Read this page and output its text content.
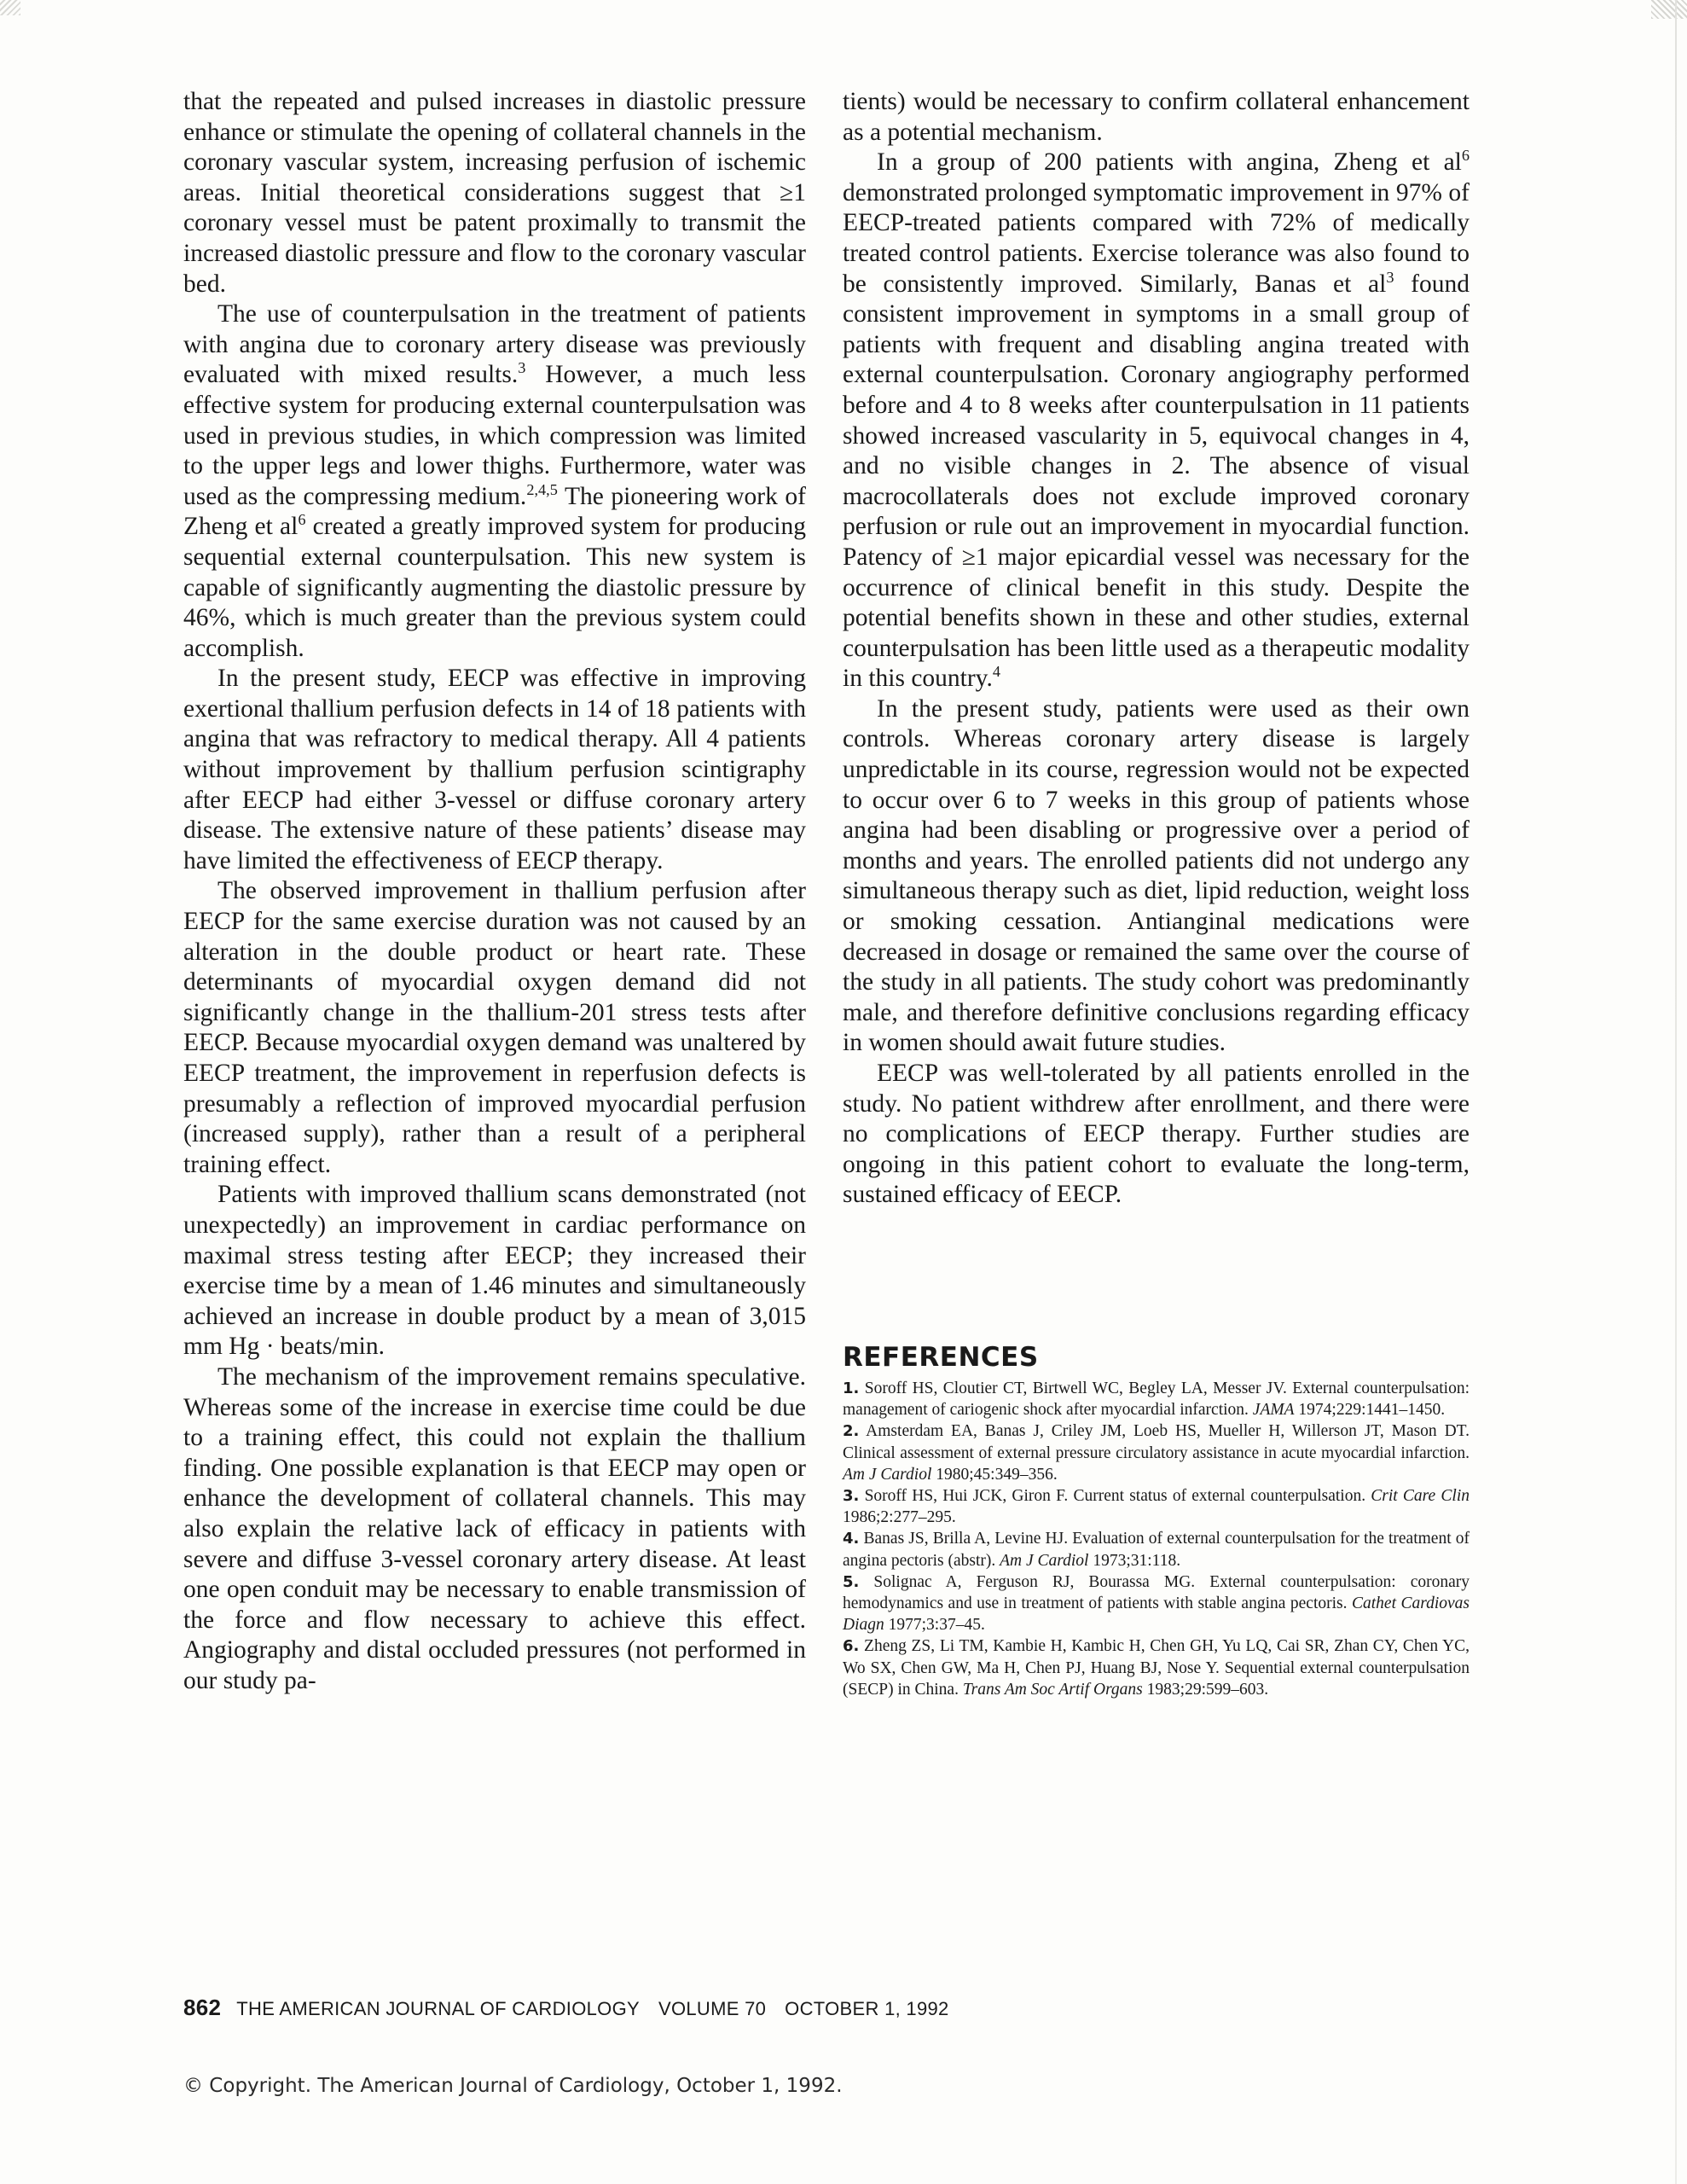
that the repeated and pulsed increases in diastolic pressure enhance or stimulate the opening of collateral channels in the coronary vascular system, increasing perfusion of ischemic areas. Initial theoretical considerations suggest that ≥1 coronary vessel must be patent proximally to transmit the increased diastolic pressure and flow to the coronary vascular bed.

The use of counterpulsation in the treatment of patients with angina due to coronary artery disease was previously evaluated with mixed results.$^3$ However, a much less effective system for producing external counterpulsation was used in previous studies, in which compression was limited to the upper legs and lower thighs. Furthermore, water was used as the compressing medium.$^{2,4,5}$ The pioneering work of Zheng et $al^6$ created a greatly improved system for producing sequential external counterpulsation. This new system is capable of significantly augmenting the diastolic pressure by 46%, which is much greater than the previous system could accomplish.

In the present study, EECP was effective in improving exertional thallium perfusion defects in 14 of 18 patients with angina that was refractory to medical therapy. All 4 patients without improvement by thallium perfusion scintigraphy after EECP had either 3-vessel or diffuse coronary artery disease. The extensive nature of these patients’ disease may have limited the effectiveness of EECP therapy.

The observed improvement in thallium perfusion after EECP for the same exercise duration was not caused by an alteration in the double product or heart rate. These determinants of myocardial oxygen demand did not significantly change in the thallium-201 stress tests after EECP. Because myocardial oxygen demand was unaltered by EECP treatment, the improvement in reperfusion defects is presumably a reflection of improved myocardial perfusion (increased supply), rather than a result of a peripheral training effect.

Patients with improved thallium scans demonstrated (not unexpectedly) an improvement in cardiac performance on maximal stress testing after EECP; they increased their exercise time by a mean of 1.46 minutes and simultaneously achieved an increase in double product by a mean of 3,015 mm Hg · beats/min.

The mechanism of the improvement remains speculative. Whereas some of the increase in exercise time could be due to a training effect, this could not explain the thallium finding. One possible explanation is that EECP may open or enhance the development of collateral channels. This may also explain the relative lack of efficacy in patients with severe and diffuse 3-vessel coronary artery disease. At least one open conduit may be necessary to enable transmission of the force and flow necessary to achieve this effect. Angiography and distal occluded pressures (not performed in our study pa-

tients) would be necessary to confirm collateral enhancement as a potential mechanism.

In a group of 200 patients with angina, Zheng et $al^6$ demonstrated prolonged symptomatic improvement in 97% of EECP-treated patients compared with 72% of medically treated control patients. Exercise tolerance was also found to be consistently improved. Similarly, Banas et $al^3$ found consistent improvement in symptoms in a small group of patients with frequent and disabling angina treated with external counterpulsation. Coronary angiography performed before and 4 to 8 weeks after counterpulsation in 11 patients showed increased vascularity in 5, equivocal changes in 4, and no visible changes in 2. The absence of visual macrocollaterals does not exclude improved coronary perfusion or rule out an improvement in myocardial function. Patency of ≥1 major epicardial vessel was necessary for the occurrence of clinical benefit in this study. Despite the potential benefits shown in these and other studies, external counterpulsation has been little used as a therapeutic modality in this country.$^4$

In the present study, patients were used as their own controls. Whereas coronary artery disease is largely unpredictable in its course, regression would not be expected to occur over 6 to 7 weeks in this group of patients whose angina had been disabling or progressive over a period of months and years. The enrolled patients did not undergo any simultaneous therapy such as diet, lipid reduction, weight loss or smoking cessation. Antianginal medications were decreased in dosage or remained the same over the course of the study in all patients. The study cohort was predominantly male, and therefore definitive conclusions regarding efficacy in women should await future studies.

EECP was well-tolerated by all patients enrolled in the study. No patient withdrew after enrollment, and there were no complications of EECP therapy. Further studies are ongoing in this patient cohort to evaluate the long-term, sustained efficacy of EECP.

REFERENCES
1. Soroff HS, Cloutier CT, Birtwell WC, Begley LA, Messer JV. External counterpulsation: management of cariogenic shock after myocardial infarction. JAMA 1974;229:1441–1450.
2. Amsterdam EA, Banas J, Criley JM, Loeb HS, Mueller H, Willerson JT, Mason DT. Clinical assessment of external pressure circulatory assistance in acute myocardial infarction. Am J Cardiol 1980;45:349–356.
3. Soroff HS, Hui JCK, Giron F. Current status of external counterpulsation. Crit Care Clin 1986;2:277–295.
4. Banas JS, Brilla A, Levine HJ. Evaluation of external counterpulsation for the treatment of angina pectoris (abstr). Am J Cardiol 1973;31:118.
5. Solignac A, Ferguson RJ, Bourassa MG. External counterpulsation: coronary hemodynamics and use in treatment of patients with stable angina pectoris. Cathet Cardiovas Diagn 1977;3:37–45.
6. Zheng ZS, Li TM, Kambie H, Kambic H, Chen GH, Yu LQ, Cai SR, Zhan CY, Chen YC, Wo SX, Chen GW, Ma H, Chen PJ, Huang BJ, Nose Y. Sequential external counterpulsation (SECP) in China. Trans Am Soc Artif Organs 1983;29:599–603.
862 THE AMERICAN JOURNAL OF CARDIOLOGY VOLUME 70 OCTOBER 1, 1992
© Copyright. The American Journal of Cardiology, October 1, 1992.
